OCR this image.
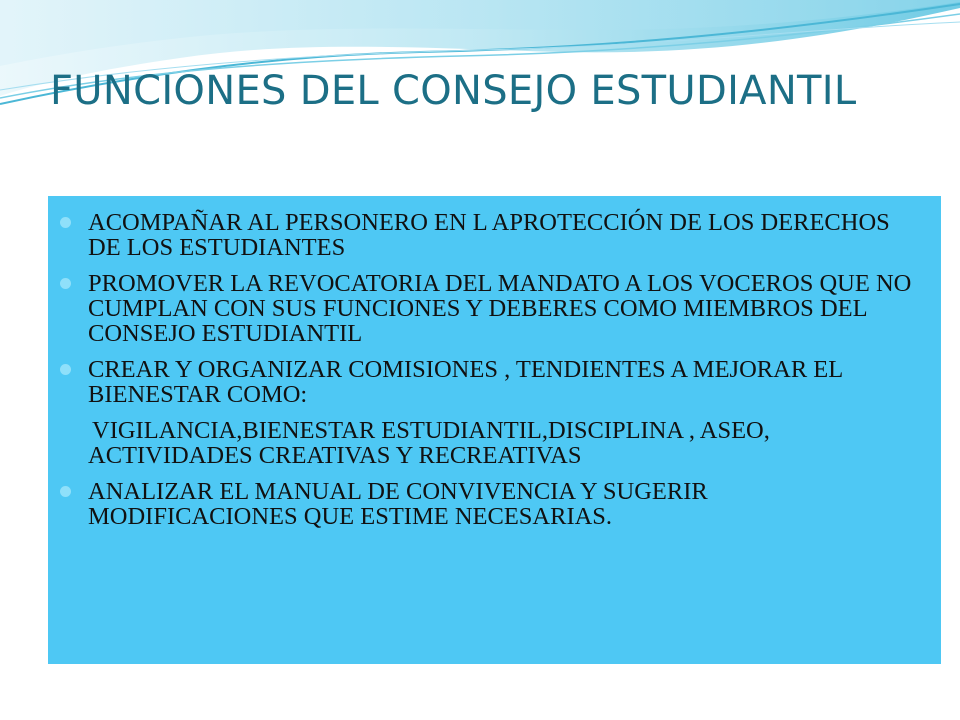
FUNCIONES DEL CONSEJO ESTUDIANTIL
ACOMPAÑAR AL PERSONERO EN L APROTECCIÓN DE LOS DERECHOS DE LOS ESTUDIANTES
PROMOVER LA REVOCATORIA DEL MANDATO A LOS VOCEROS QUE NO CUMPLAN CON SUS FUNCIONES Y DEBERES COMO MIEMBROS DEL CONSEJO ESTUDIANTIL
CREAR Y ORGANIZAR COMISIONES , TENDIENTES A MEJORAR EL BIENESTAR COMO:
VIGILANCIA,BIENESTAR ESTUDIANTIL,DISCIPLINA , ASEO, ACTIVIDADES CREATIVAS Y RECREATIVAS
ANALIZAR EL MANUAL DE CONVIVENCIA Y SUGERIR MODIFICACIONES QUE ESTIME NECESARIAS.
